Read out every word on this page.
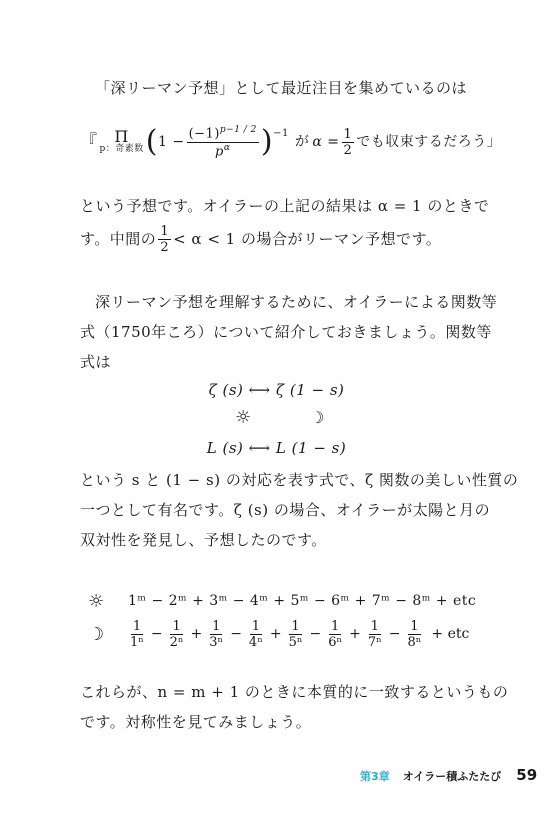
「深リーマン予想」として最近注目を集めているのは
『 Π
p：奇素数 ( $1 - \frac{(-1)^{p-1 / 2}}{p^\alpha}$ ) −1
が $\alpha = \frac{1}{2}$ でも収束するだろう」
という予想です。オイラーの上記の結果は α = 1 のときで
す。中間の $\frac{1}{2} < \alpha < 1$ の場合がリーマン予想です。
深リーマン予想を理解するために、オイラーによる関数等
式（1750年ころ）について紹介しておきましょう。関数等
式は
ζ (s) ⟷ ζ (1 − s)
☼	☽
L (s) ⟷ L (1 − s)
という s と (1 − s) の対応を表す式で、ζ 関数の美しい性質の
一つとして有名です。ζ (s) の場合、オイラーが太陽と月の
双対性を発見し、予想したのです。
☼	1ᵐ − 2ᵐ + 3ᵐ − 4ᵐ + 5ᵐ − 6ᵐ + 7ᵐ − 8ᵐ + etc
☽	$\frac{1}{\text{1ⁿ}} - \frac{1}{\text{2ⁿ}} + \frac{1}{\text{3ⁿ}} - \frac{1}{\text{4ⁿ}} + \frac{1}{\text{5ⁿ}} - \frac{1}{\text{6ⁿ}} + \frac{1}{\text{7ⁿ}} - \frac{1}{\text{8ⁿ}}$ + etc
これらが、n = m + 1 のときに本質的に一致するというもの
です。対称性を見てみましょう。
第3章 オイラー積ふたたび 59
